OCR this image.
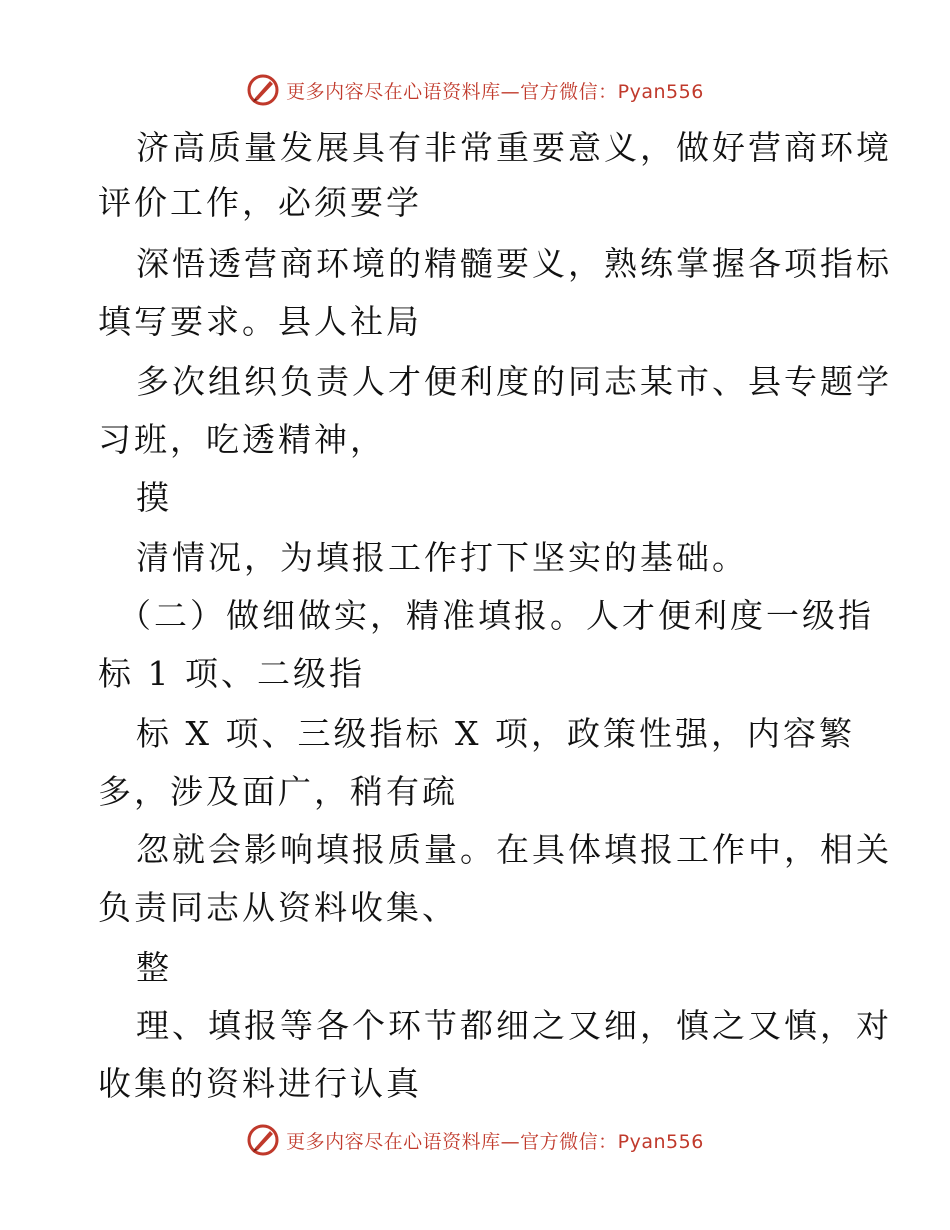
更多内容尽在心语资料库—官方微信：Pyan556
济高质量发展具有非常重要意义，做好营商环境
评价工作，必须要学
深悟透营商环境的精髓要义，熟练掌握各项指标
填写要求。县人社局
多次组织负责人才便利度的同志某市、县专题学
习班，吃透精神，
摸
清情况，为填报工作打下坚实的基础。
（二）做细做实，精准填报。人才便利度一级指
标 1 项、二级指
标 X 项、三级指标 X 项，政策性强，内容繁
多，涉及面广，稍有疏
忽就会影响填报质量。在具体填报工作中，相关
负责同志从资料收集、
整
理、填报等各个环节都细之又细，慎之又慎，对
收集的资料进行认真
更多内容尽在心语资料库—官方微信：Pyan556
